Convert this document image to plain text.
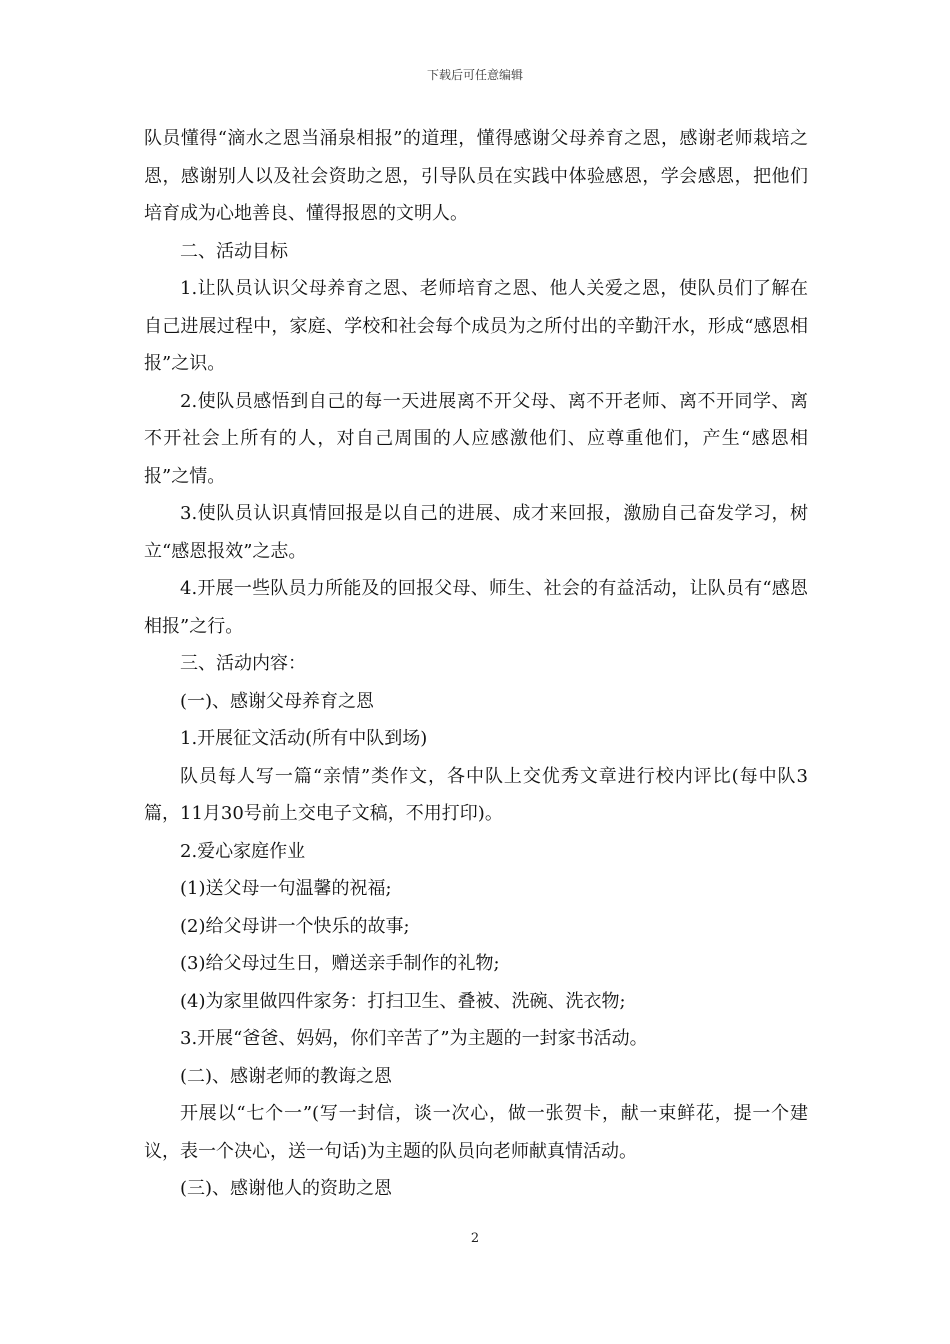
下载后可任意编辑

队员懂得“滴水之恩当涌泉相报”的道理，懂得感谢父母养育之恩，感谢老师栽培之恩，感谢别人以及社会资助之恩，引导队员在实践中体验感恩，学会感恩，把他们培育成为心地善良、懂得报恩的文明人。

二、活动目标

1.让队员认识父母养育之恩、老师培育之恩、他人关爱之恩，使队员们了解在自己进展过程中，家庭、学校和社会每个成员为之所付出的辛勤汗水，形成“感恩相报”之识。

2.使队员感悟到自己的每一天进展离不开父母、离不开老师、离不开同学、离不开社会上所有的人，对自己周围的人应感激他们、应尊重他们，产生“感恩相报”之情。

3.使队员认识真情回报是以自己的进展、成才来回报，激励自己奋发学习，树立“感恩报效”之志。

4.开展一些队员力所能及的回报父母、师生、社会的有益活动，让队员有“感恩相报”之行。

三、活动内容：

(一)、感谢父母养育之恩

1.开展征文活动(所有中队到场)

队员每人写一篇“亲情”类作文，各中队上交优秀文章进行校内评比(每中队3篇，11月30号前上交电子文稿，不用打印)。

2.爱心家庭作业

(1)送父母一句温馨的祝福;

(2)给父母讲一个快乐的故事;

(3)给父母过生日，赠送亲手制作的礼物;

(4)为家里做四件家务：打扫卫生、叠被、洗碗、洗衣物;

3.开展“爸爸、妈妈，你们辛苦了”为主题的一封家书活动。

(二)、感谢老师的教诲之恩

开展以“七个一”(写一封信，谈一次心，做一张贺卡，献一束鲜花，提一个建议，表一个决心，送一句话)为主题的队员向老师献真情活动。

(三)、感谢他人的资助之恩

2
